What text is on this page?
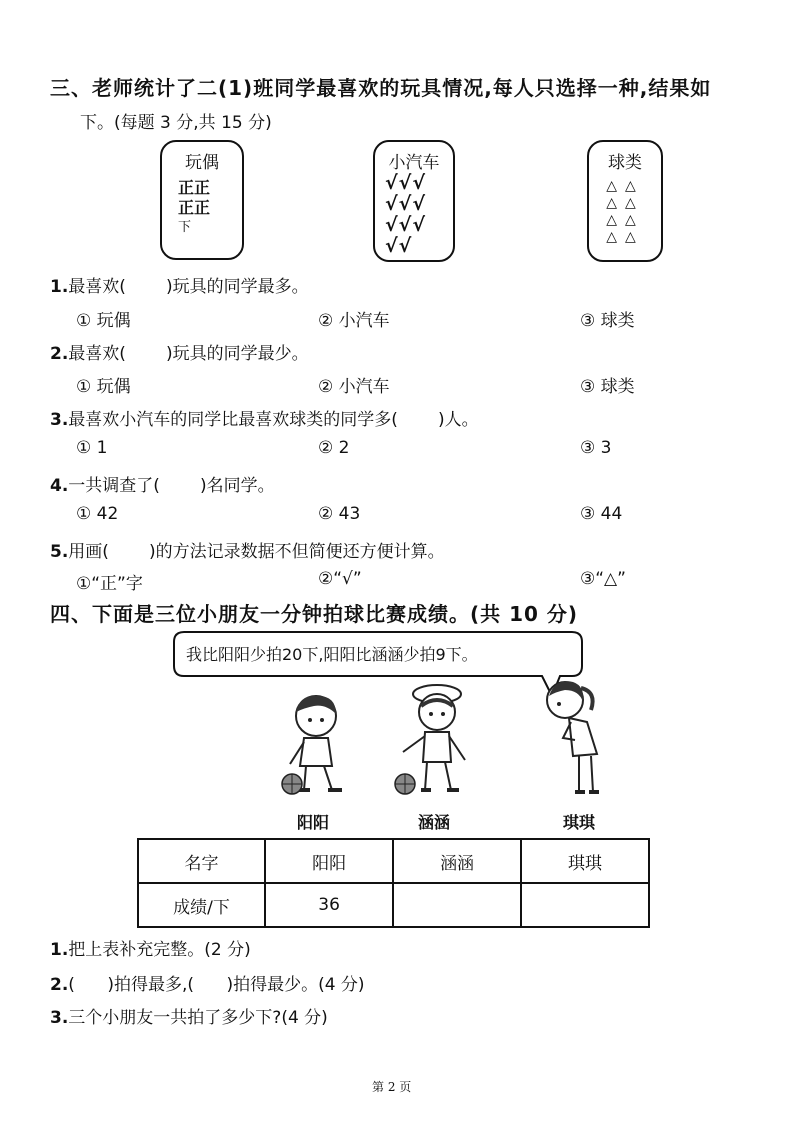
三、老师统计了二(1)班同学最喜欢的玩具情况,每人只选择一种,结果如
下。(每题 3 分,共 15 分)
玩偶
正正
正正
下
小汽车
√√√
√√√
√√√
√√
球类
△△
△△
△△
△△
1.最喜欢( )玩具的同学最多。
① 玩偶	② 小汽车	③ 球类
2.最喜欢( )玩具的同学最少。
① 玩偶	② 小汽车	③ 球类
3.最喜欢小汽车的同学比最喜欢球类的同学多( )人。
① 1	② 2	③ 3
4.一共调查了( )名同学。
① 42	② 43	③ 44
5.用画( )的方法记录数据不但简便还方便计算。
①“正”字	②“√”	③“△”
四、下面是三位小朋友一分钟拍球比赛成绩。(共 10 分)
我比阳阳少拍20下,阳阳比涵涵少拍9下。
阳阳	涵涵	琪琪
名字	阳阳	涵涵	琪琪
成绩/下	36		
1.把上表补充完整。(2 分)
2.(      )拍得最多,(      )拍得最少。(4 分)
3.三个小朋友一共拍了多少下?(4 分)
第 2 页
